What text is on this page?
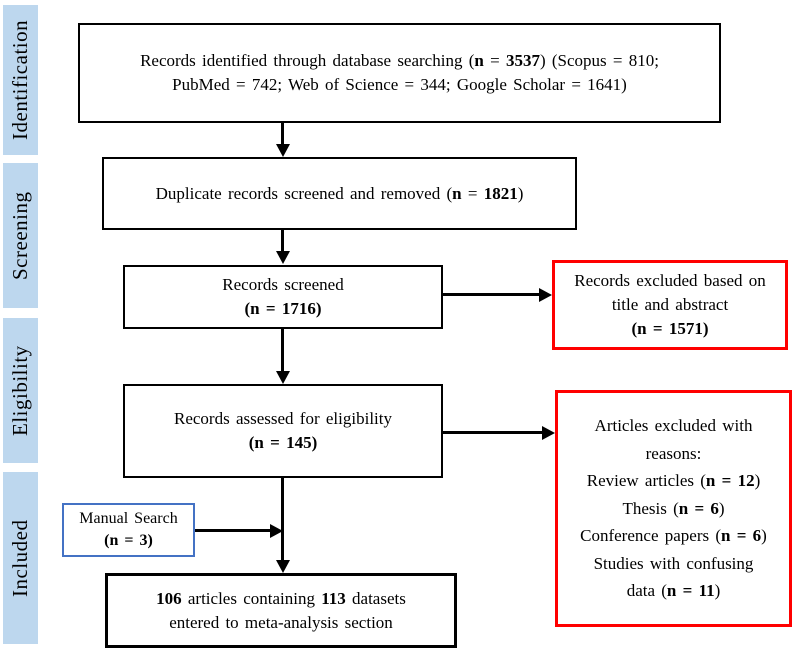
Identification
Screening
Eligibility
Included
Records identified through database searching (n = 3537) (Scopus = 810;
PubMed = 742; Web of Science = 344; Google Scholar = 1641)
Duplicate records screened and removed (n = 1821)
Records screened
(n = 1716)
Records assessed for eligibility
(n = 145)
106 articles containing 113 datasets
entered to meta-analysis section
Records excluded based on
title and abstract
(n = 1571)
Articles excluded with
reasons:
Review articles (n = 12)
Thesis (n = 6)
Conference papers (n = 6)
Studies with confusing
data (n = 11)
Manual Search
(n = 3)
